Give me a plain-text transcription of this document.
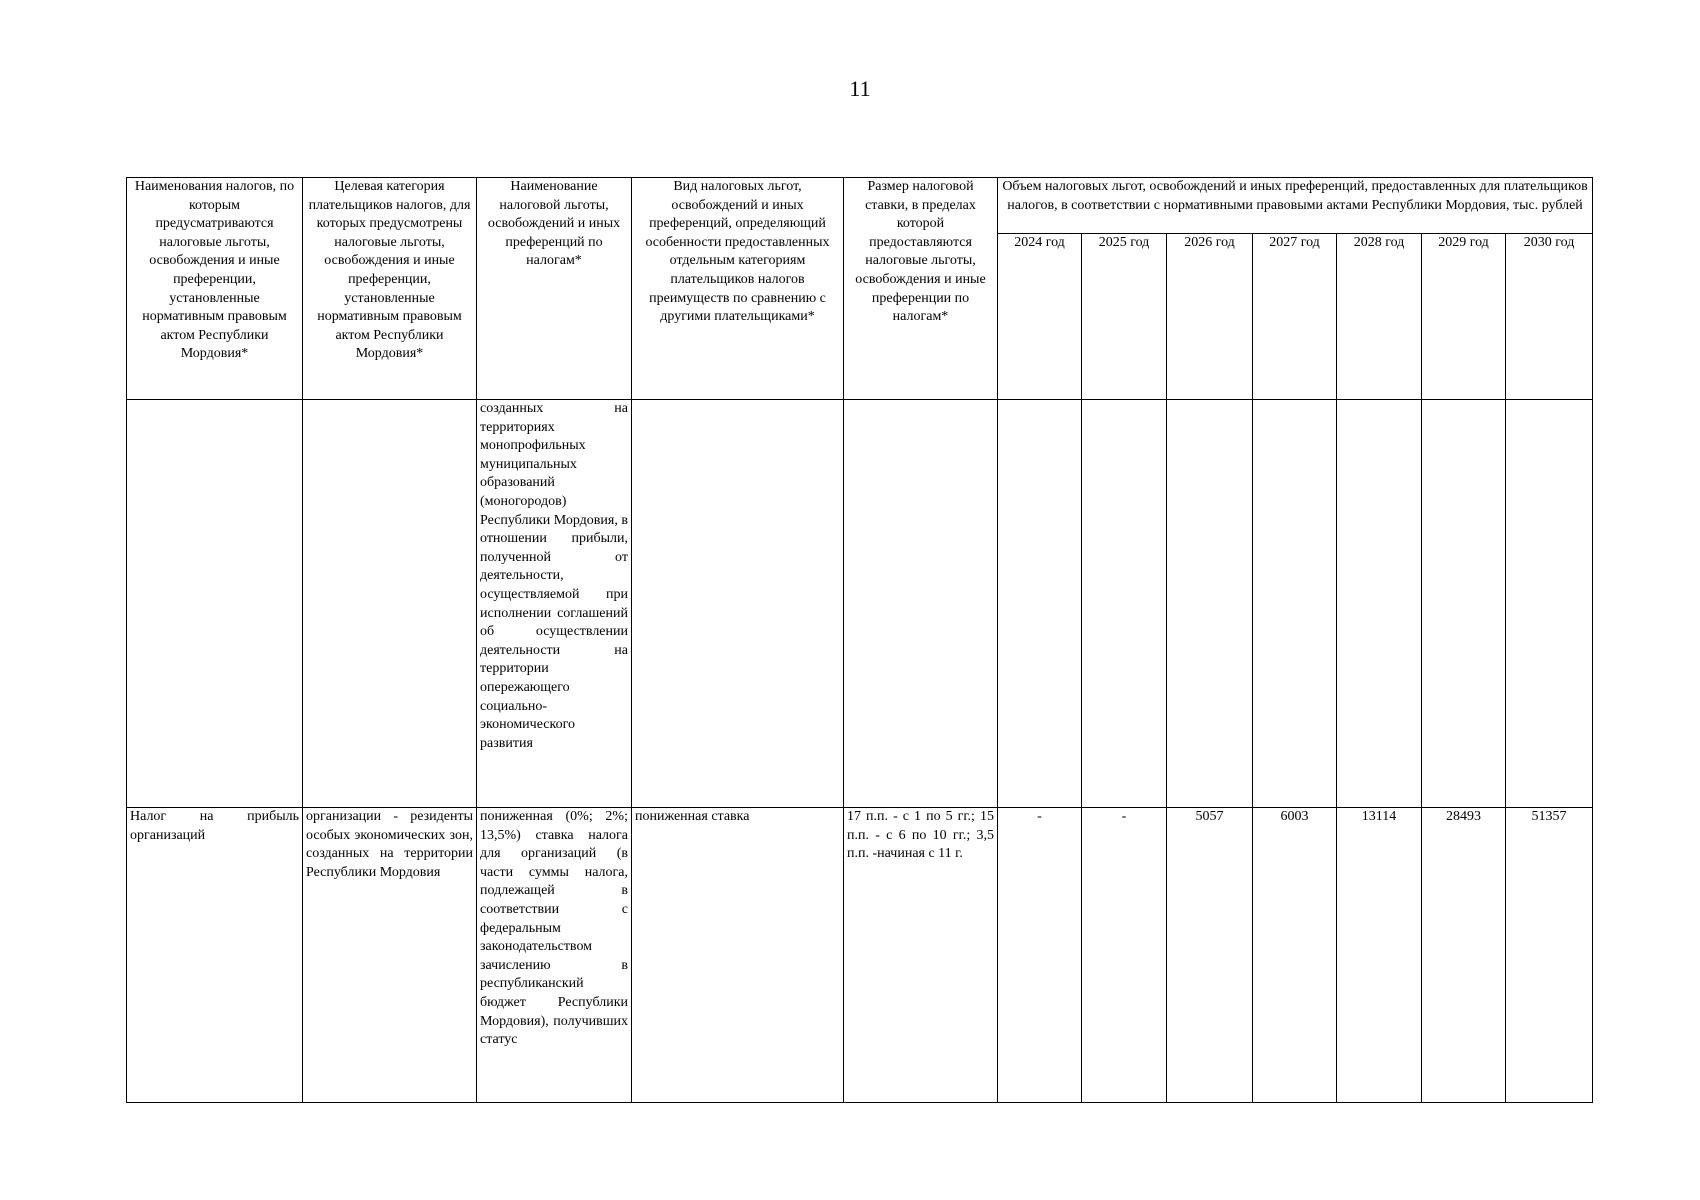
11
Наименования налогов, по которым предусматриваются налоговые льготы, освобождения и иные преференции, установленные нормативным правовым актом Республики Мордовия*	Целевая категория плательщиков налогов, для которых предусмотрены налоговые льготы, освобождения и иные преференции, установленные нормативным правовым актом Республики Мордовия*	Наименование налоговой льготы, освобождений и иных преференций по налогам*	Вид налоговых льгот, освобождений и иных преференций, определяющий особенности предоставленных отдельным категориям плательщиков налогов преимуществ по сравнению с другими плательщиками*	Размер налоговой ставки, в пределах которой предоставляются налоговые льготы, освобождения и иные преференции по налогам*	Объем налоговых льгот, освобождений и иных преференций, предоставленных для плательщиков налогов, в соответствии с нормативными правовыми актами Республики Мордовия, тыс. рублей						
					2024 год	2025 год	2026 год	2027 год	2028 год	2029 год	2030 год
		созданных на территориях монопрофильных муниципальных образований (моногородов) Республики Мордовия, в отношении прибыли, полученной от деятельности, осуществляемой при исполнении соглашений об осуществлении деятельности на территории опережающего социально-экономического развития									
Налог на прибыль организаций	организации - резиденты особых экономических зон, созданных на территории Республики Мордовия	пониженная (0%; 2%; 13,5%) ставка налога для организаций (в части суммы налога, подлежащей в соответствии с федеральным законодательством зачислению в республиканский бюджет Республики Мордовия), получивших статус	пониженная ставка	17 п.п. - с 1 по 5 гг.; 15 п.п. - с 6 по 10 гг.; 3,5 п.п. -начиная с 11 г.	-	-	5057	6003	13114	28493	51357
